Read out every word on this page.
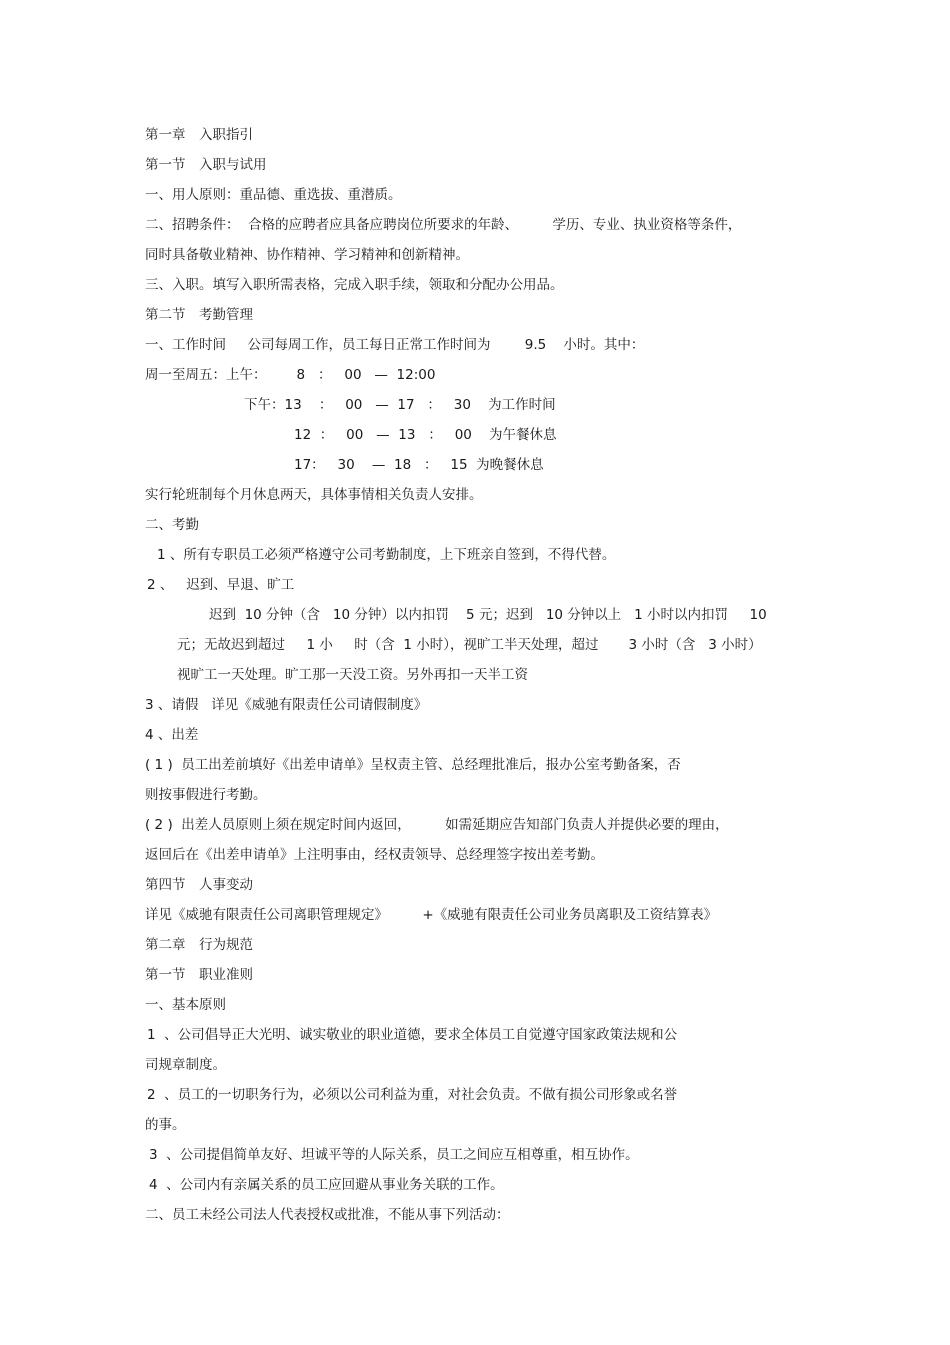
第一章　入职指引

第一节　入职与试用

一、用人原则：重品德、重选拔、重潜质。

二、招聘条件：  合格的应聘者应具备应聘岗位所要求的年龄、        学历、专业、执业资格等条件，

同时具备敬业精神、协作精神、学习精神和创新精神。

三、入职。填写入职所需表格，完成入职手续，领取和分配办公用品。

第二节　考勤管理

一、工作时间     公司每周工作，员工每日正常工作时间为        9.5    小时。其中：

周一至周五：上午：       8   ：   00   —  12:00

下午：13    ：   00   —  17   ：   30    为工作时间

12  ：   00   —  13   ：   00    为午餐休息

17：   30    —  18   ：   15  为晚餐休息

实行轮班制每个月休息两天，具体事情相关负责人安排。

二、考勤

1 、所有专职员工必须严格遵守公司考勤制度，上下班亲自签到，不得代替。

2 、   迟到、早退、旷工

迟到  10 分钟（含   10 分钟）以内扣罚    5 元；迟到   10 分钟以上   1 小时以内扣罚     10

元；无故迟到超过     1 小     时（含  1 小时），视旷工半天处理，超过       3 小时（含   3 小时）

视旷工一天处理。旷工那一天没工资。另外再扣一天半工资

3 、请假   详见《威驰有限责任公司请假制度》

4 、出差

( 1 )  员工出差前填好《出差申请单》呈权责主管、总经理批准后，报办公室考勤备案，否

则按事假进行考勤。

( 2 )  出差人员原则上须在规定时间内返回，        如需延期应告知部门负责人并提供必要的理由，

返回后在《出差申请单》上注明事由，经权责领导、总经理签字按出差考勤。

第四节　人事变动

详见《威驰有限责任公司离职管理规定》        +《威驰有限责任公司业务员离职及工资结算表》

第二章　行为规范

第一节　职业准则

一、基本原则

1  、公司倡导正大光明、诚实敬业的职业道德，要求全体员工自觉遵守国家政策法规和公

司规章制度。

2  、员工的一切职务行为，必须以公司利益为重，对社会负责。不做有损公司形象或名誉

的事。

3  、公司提倡简单友好、坦诚平等的人际关系，员工之间应互相尊重，相互协作。

4  、公司内有亲属关系的员工应回避从事业务关联的工作。

二、员工未经公司法人代表授权或批准，不能从事下列活动：
